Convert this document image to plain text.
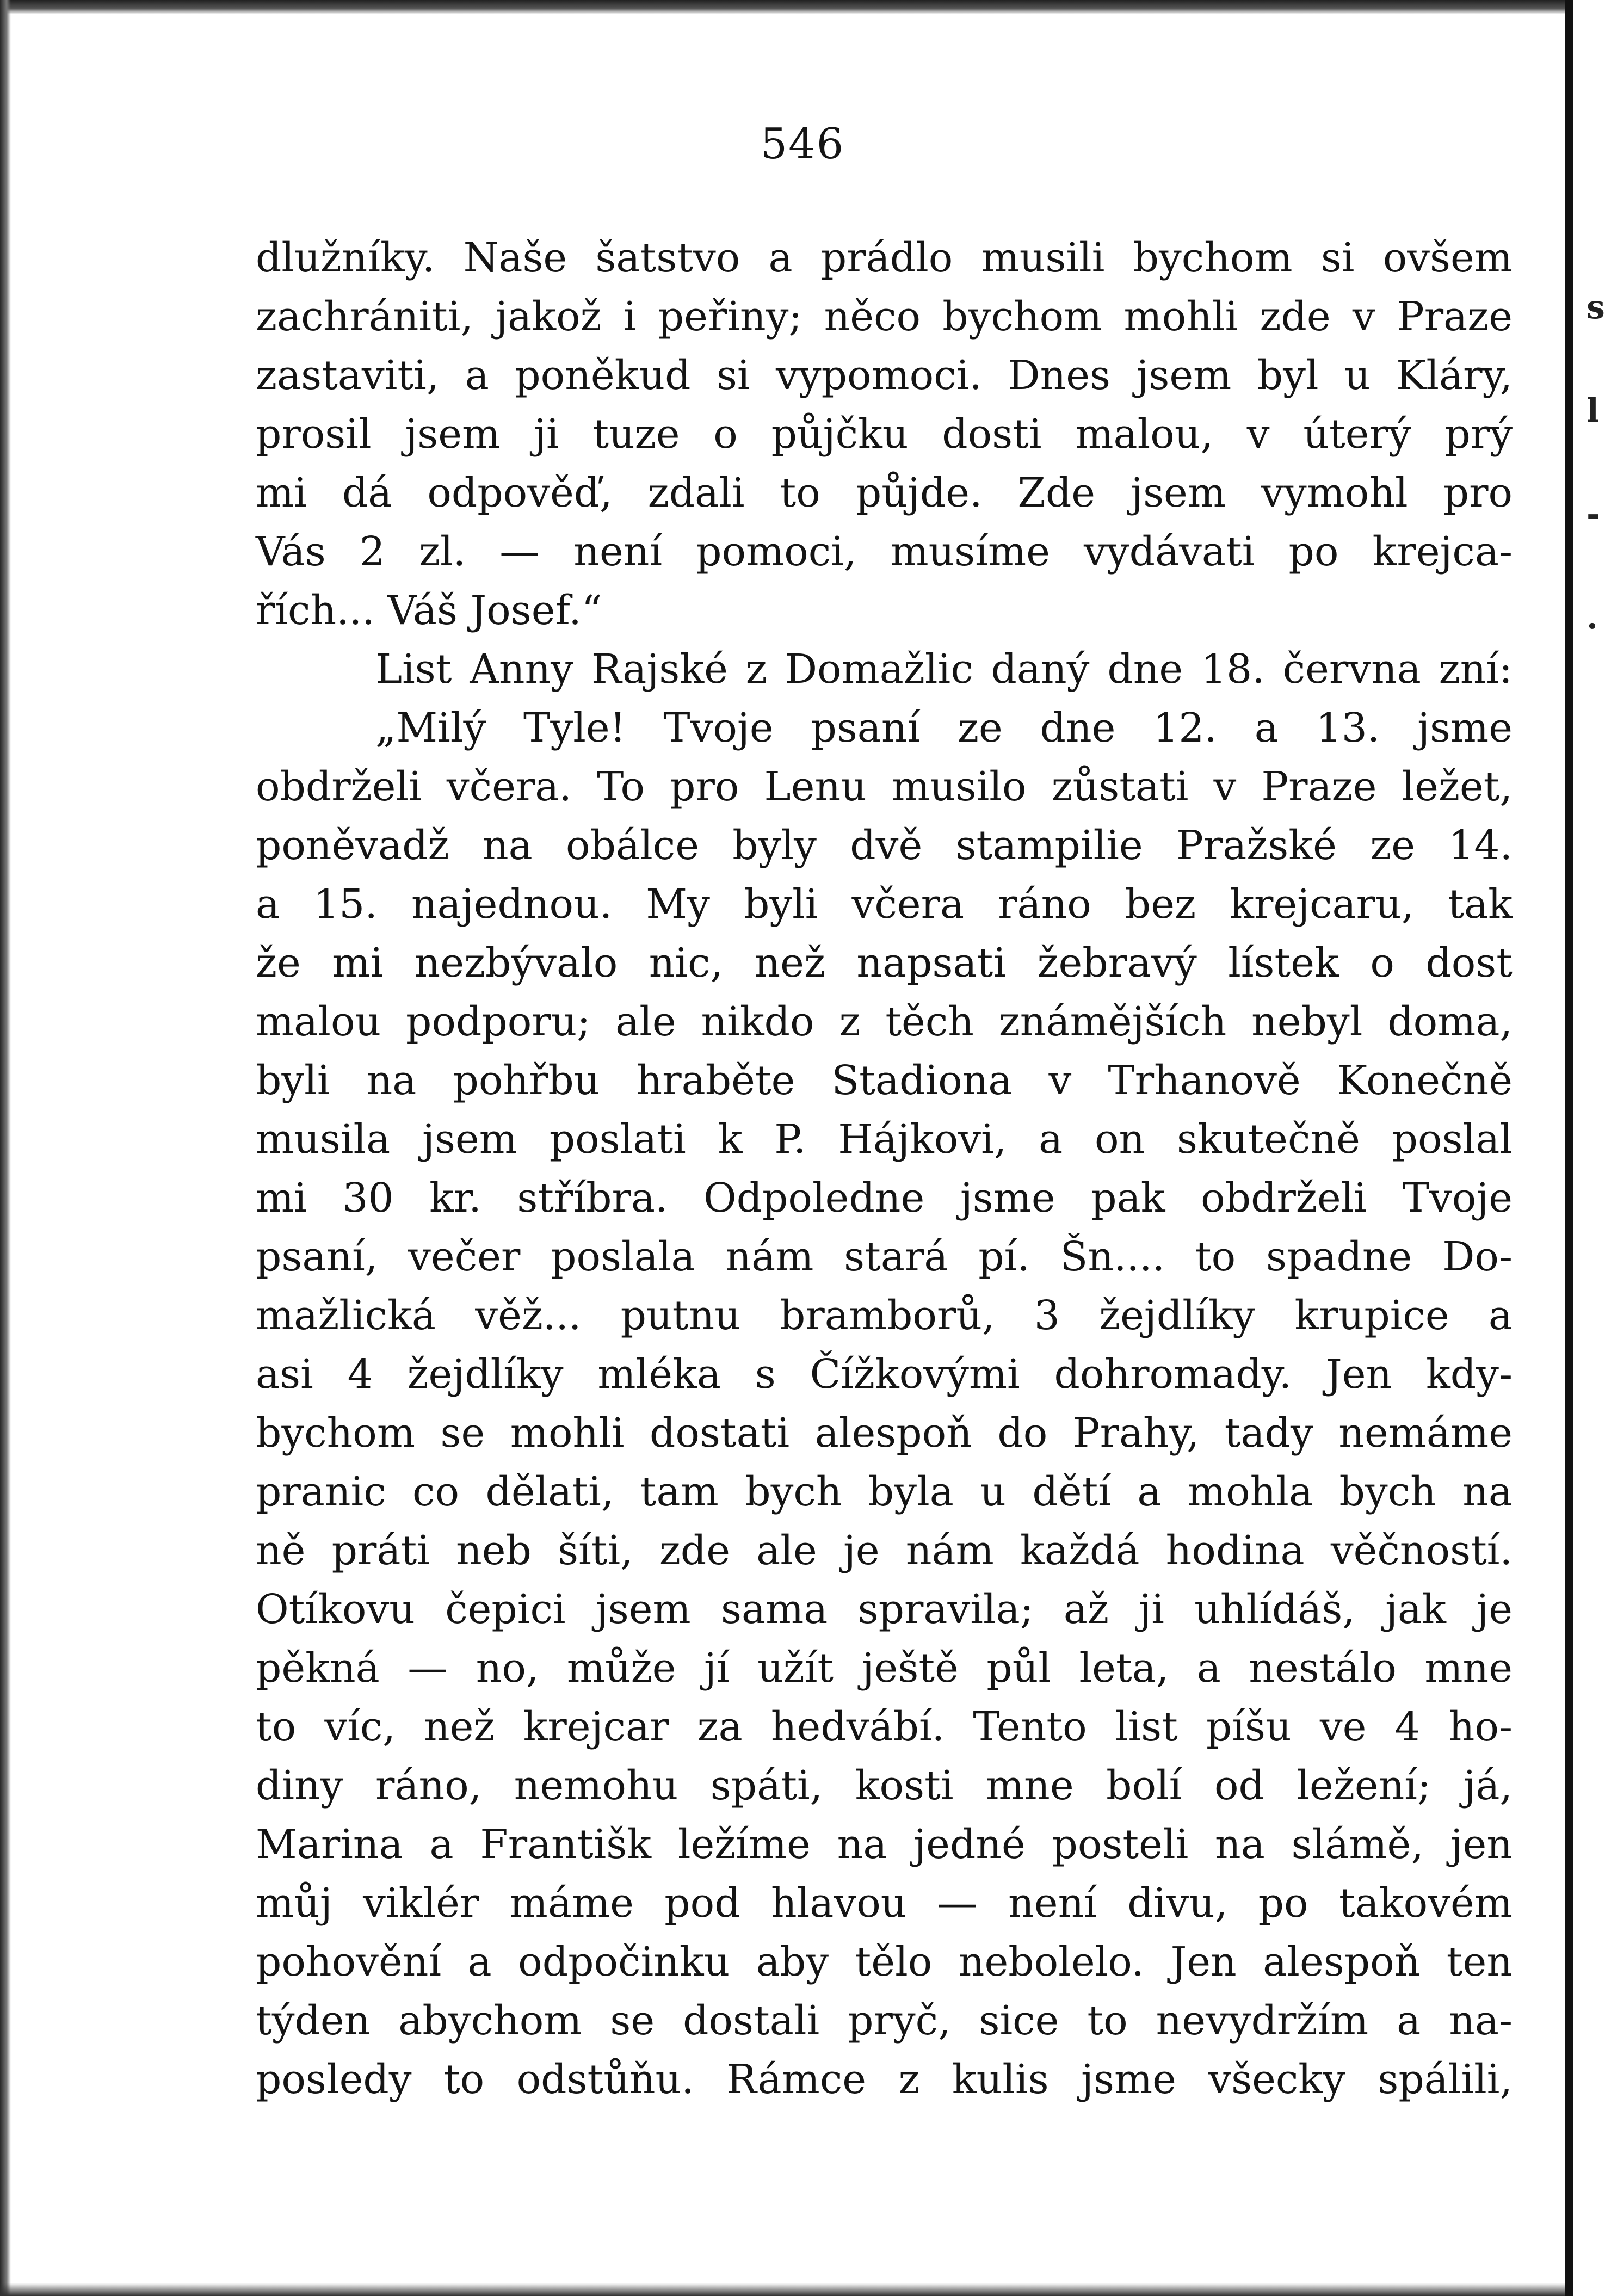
s
l
-
.
546
dlužníky. Naše šatstvo a prádlo musili bychom si ovšem
zachrániti, jakož i peřiny; něco bychom mohli zde v Praze
zastaviti, a poněkud si vypomoci. Dnes jsem byl u Kláry,
prosil jsem ji tuze o půjčku dosti malou, v úterý prý
mi dá odpověď, zdali to půjde. Zde jsem vymohl pro
Vás 2 zl. — není pomoci, musíme vydávati po krejca-
řích... Váš Josef.“
List Anny Rajské z Domažlic daný dne 18. června zní:
„Milý Tyle! Tvoje psaní ze dne 12. a 13. jsme
obdrželi včera. To pro Lenu musilo zůstati v Praze ležet,
poněvadž na obálce byly dvě stampilie Pražské ze 14.
a 15. najednou. My byli včera ráno bez krejcaru, tak
že mi nezbývalo nic, než napsati žebravý lístek o dost
malou podporu; ale nikdo z těch známějších nebyl doma,
byli na pohřbu hraběte Stadiona v Trhanově Konečně
musila jsem poslati k P. Hájkovi, a on skutečně poslal
mi 30 kr. stříbra. Odpoledne jsme pak obdrželi Tvoje
psaní, večer poslala nám stará pí. Šn.... to spadne Do-
mažlická věž... putnu bramborů, 3 žejdlíky krupice a
asi 4 žejdlíky mléka s Čížkovými dohromady. Jen kdy-
bychom se mohli dostati alespoň do Prahy, tady nemáme
pranic co dělati, tam bych byla u dětí a mohla bych na
ně práti neb šíti, zde ale je nám každá hodina věčností.
Otíkovu čepici jsem sama spravila; až ji uhlídáš, jak je
pěkná — no, může jí užít ještě půl leta, a nestálo mne
to víc, než krejcar za hedvábí. Tento list píšu ve 4 ho-
diny ráno, nemohu spáti, kosti mne bolí od ležení; já,
Marina a Františk ležíme na jedné posteli na slámě, jen
můj viklér máme pod hlavou — není divu, po takovém
pohovění a odpočinku aby tělo nebolelo. Jen alespoň ten
týden abychom se dostali pryč, sice to nevydržím a na-
posledy to odstůňu. Rámce z kulis jsme všecky spálili,
